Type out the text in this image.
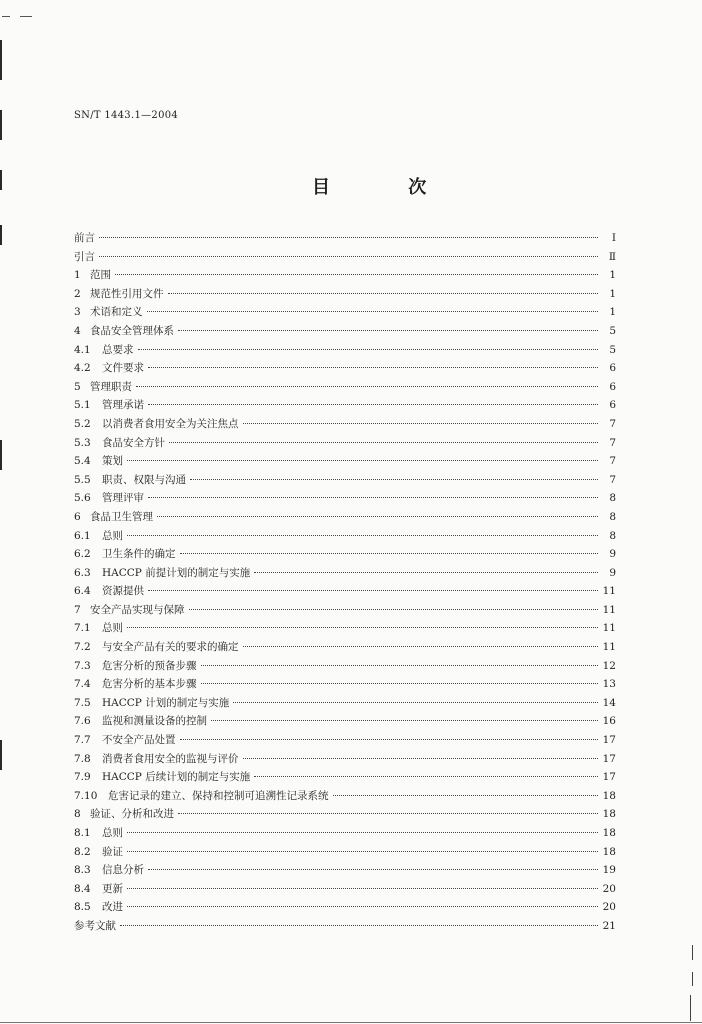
SN/T 1443.1—2004
目 次
前言	Ⅰ
引言	Ⅱ
1 范围	1
2 规范性引用文件	1
3 术语和定义	1
4 食品安全管理体系	5
4.1	总要求	5
4.2	文件要求	6
5 管理职责	6
5.1	管理承诺	6
5.2	以消费者食用安全为关注焦点	7
5.3	食品安全方针	7
5.4	策划	7
5.5	职责、权限与沟通	7
5.6	管理评审	8
6 食品卫生管理	8
6.1	总则	8
6.2	卫生条件的确定	9
6.3	HACCP 前提计划的制定与实施	9
6.4	资源提供	11
7 安全产品实现与保障	11
7.1	总则	11
7.2	与安全产品有关的要求的确定	11
7.3	危害分析的预备步骤	12
7.4	危害分析的基本步骤	13
7.5	HACCP 计划的制定与实施	14
7.6	监视和测量设备的控制	16
7.7	不安全产品处置	17
7.8	消费者食用安全的监视与评价	17
7.9	HACCP 后续计划的制定与实施	17
7.10	危害记录的建立、保持和控制可追溯性记录系统	18
8 验证、分析和改进	18
8.1	总则	18
8.2	验证	18
8.3	信息分析	19
8.4	更新	20
8.5	改进	20
参考文献	21
